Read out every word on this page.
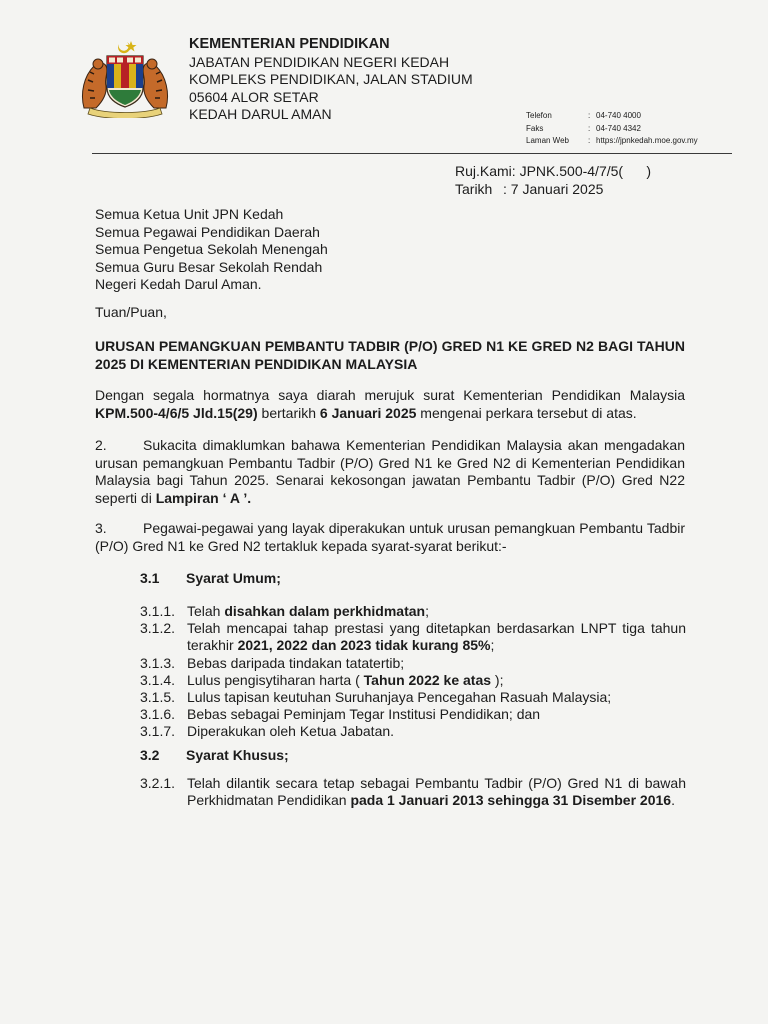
KEMENTERIAN PENDIDIKAN
JABATAN PENDIDIKAN NEGERI KEDAH
KOMPLEKS PENDIDIKAN, JALAN STADIUM
05604 ALOR SETAR
KEDAH DARUL AMAN	Telefon	: 04-740 4000
Faks	: 04-740 4342
Laman Web	: https://jpnkedah.moe.gov.my
Ruj.Kami:
JPNK.500-4/7/5(      )
Tarikh : 7 Januari 2025
Semua Ketua Unit JPN Kedah
Semua Pegawai Pendidikan Daerah
Semua Pengetua Sekolah Menengah
Semua Guru Besar Sekolah Rendah
Negeri Kedah Darul Aman.
Tuan/Puan,
URUSAN PEMANGKUAN PEMBANTU TADBIR (P/O) GRED N1 KE GRED N2 BAGI TAHUN 2025 DI KEMENTERIAN PENDIDIKAN MALAYSIA
Dengan segala hormatnya saya diarah merujuk surat Kementerian Pendidikan Malaysia KPM.500-4/6/5 Jld.15(29) bertarikh 6 Januari 2025 mengenai perkara tersebut di atas.
2.	Sukacita dimaklumkan bahawa Kementerian Pendidikan Malaysia akan mengadakan urusan pemangkuan Pembantu Tadbir (P/O) Gred N1 ke Gred N2 di Kementerian Pendidikan Malaysia bagi Tahun 2025. Senarai kekosongan jawatan Pembantu Tadbir (P/O) Gred N22 seperti di Lampiran ‘ A ’.
3.	Pegawai-pegawai yang layak diperakukan untuk urusan pemangkuan Pembantu Tadbir (P/O) Gred N1 ke Gred N2 tertakluk kepada syarat-syarat berikut:-
3.1	Syarat Umum;
3.1.1. Telah disahkan dalam perkhidmatan;
3.1.2. Telah mencapai tahap prestasi yang ditetapkan berdasarkan LNPT tiga tahun terakhir 2021, 2022 dan 2023 tidak kurang 85%;
3.1.3. Bebas daripada tindakan tatatertib;
3.1.4. Lulus pengisytiharan harta ( Tahun 2022 ke atas );
3.1.5. Lulus tapisan keutuhan Suruhanjaya Pencegahan Rasuah Malaysia;
3.1.6. Bebas sebagai Peminjam Tegar Institusi Pendidikan; dan
3.1.7. Diperakukan oleh Ketua Jabatan.
3.2	Syarat Khusus;
3.2.1. Telah dilantik secara tetap sebagai Pembantu Tadbir (P/O) Gred N1 di bawah Perkhidmatan Pendidikan pada 1 Januari 2013 sehingga 31 Disember 2016.
